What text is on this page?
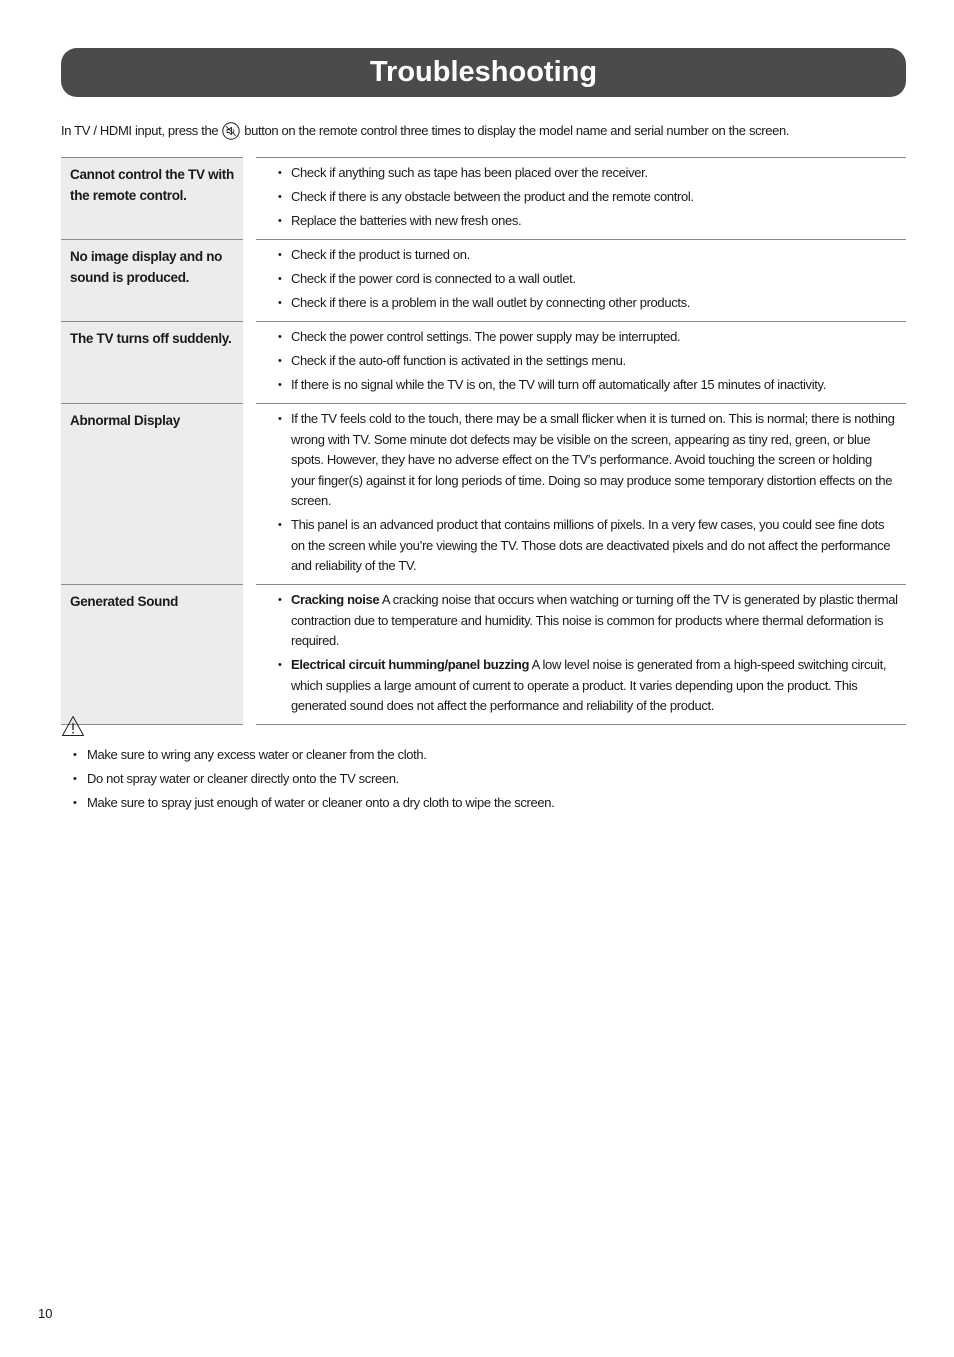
Troubleshooting
In TV / HDMI input, press the button on the remote control three times to display the model name and serial number on the screen.
Cannot control the TV with the remote control.
• Check if anything such as tape has been placed over the receiver.
• Check if there is any obstacle between the product and the remote control.
• Replace the batteries with new fresh ones.
No image display and no sound is produced.
• Check if the product is turned on.
• Check if the power cord is connected to a wall outlet.
• Check if there is a problem in the wall outlet by connecting other products.
The TV turns off suddenly.	• Check the power control settings. The power supply may be interrupted.
• Check if the auto-off function is activated in the settings menu.
• If there is no signal while the TV is on, the TV will turn off automatically after 15 minutes of inactivity.
Abnormal Display	• If the TV feels cold to the touch, there may be a small flicker when it is turned on. This is normal; there is nothing wrong with TV. Some minute dot defects may be visible on the screen, appearing as tiny red, green, or blue spots. However, they have no adverse effect on the TV’s performance. Avoid touching the screen or holding your finger(s) against it for long periods of time. Doing so may produce some temporary distortion effects on the screen.
• This panel is an advanced product that contains millions of pixels. In a very few cases, you could see fine dots on the screen while you’re viewing the TV. Those dots are deactivated pixels and do not affect the performance and reliability of the TV.
Generated Sound	• Cracking noise A cracking noise that occurs when watching or turning off the TV is generated by plastic thermal contraction due to temperature and humidity. This noise is common for products where thermal deformation is required.
• Electrical circuit humming/panel buzzing A low level noise is generated from a high-speed switching circuit, which supplies a large amount of current to operate a product. It varies depending upon the product. This generated sound does not affect the performance and reliability of the product.
• Make sure to wring any excess water or cleaner from the cloth.
• Do not spray water or cleaner directly onto the TV screen.
• Make sure to spray just enough of water or cleaner onto a dry cloth to wipe the screen.
10
